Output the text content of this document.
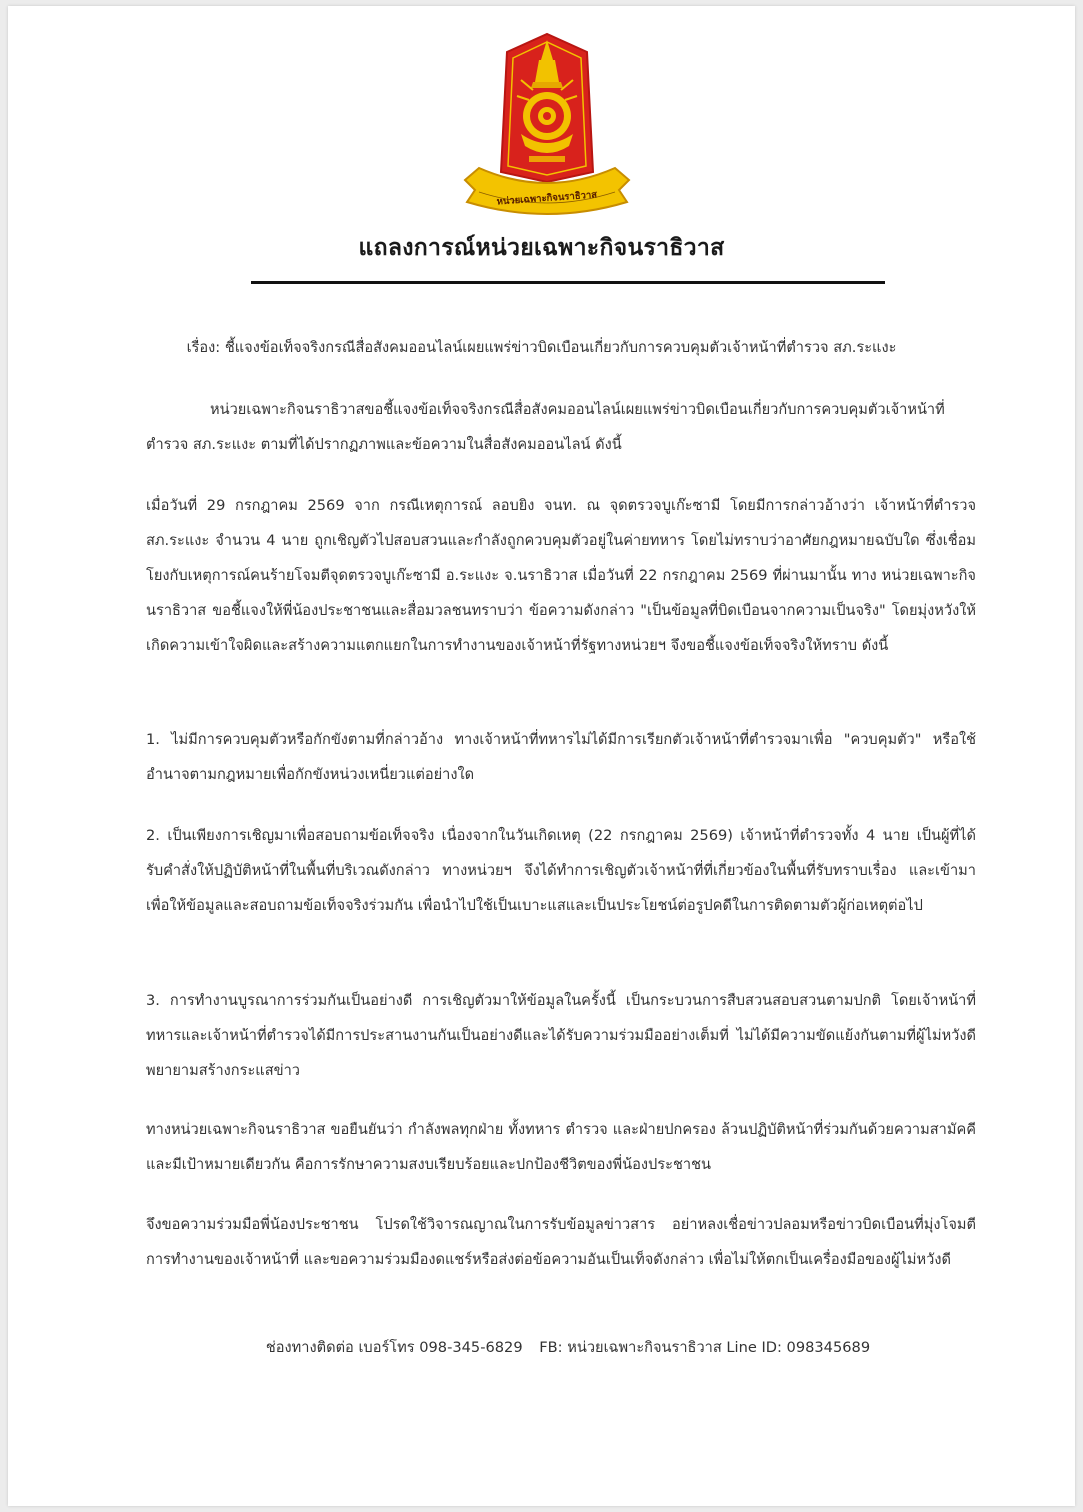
หน่วยเฉพาะกิจนราธิวาส
แถลงการณ์หน่วยเฉพาะกิจนราธิวาส
เรื่อง: ชี้แจงข้อเท็จจริงกรณีสื่อสังคมออนไลน์เผยแพร่ข่าวบิดเบือนเกี่ยวกับการควบคุมตัวเจ้าหน้าที่ตำรวจ สภ.ระแงะ

หน่วยเฉพาะกิจนราธิวาสขอชี้แจงข้อเท็จจริงกรณีสื่อสังคมออนไลน์เผยแพร่ข่าวบิดเบือนเกี่ยวกับการควบคุมตัวเจ้าหน้าที่ตำรวจ สภ.ระแงะ ตามที่ได้ปรากฏภาพและข้อความในสื่อสังคมออนไลน์ ดังนี้

เมื่อวันที่ 29 กรกฎาคม 2569 จาก กรณีเหตุการณ์ ลอบยิง จนท. ณ จุดตรวจบูเก๊ะซามี โดยมีการกล่าวอ้างว่า เจ้าหน้าที่ตำรวจ สภ.ระแงะ จำนวน 4 นาย ถูกเชิญตัวไปสอบสวนและกำลังถูกควบคุมตัวอยู่ในค่ายทหาร โดยไม่ทราบว่าอาศัยกฎหมายฉบับใด ซึ่งเชื่อมโยงกับเหตุการณ์คนร้ายโจมตีจุดตรวจบูเก๊ะซามี อ.ระแงะ จ.นราธิวาส เมื่อวันที่ 22 กรกฎาคม 2569 ที่ผ่านมานั้น ทาง หน่วยเฉพาะกิจนราธิวาส ขอชี้แจงให้พี่น้องประชาชนและสื่อมวลชนทราบว่า ข้อความดังกล่าว "เป็นข้อมูลที่บิดเบือนจากความเป็นจริง" โดยมุ่งหวังให้เกิดความเข้าใจผิดและสร้างความแตกแยกในการทำงานของเจ้าหน้าที่รัฐทางหน่วยฯ จึงขอชี้แจงข้อเท็จจริงให้ทราบ ดังนี้

1. ไม่มีการควบคุมตัวหรือกักขังตามที่กล่าวอ้าง ทางเจ้าหน้าที่ทหารไม่ได้มีการเรียกตัวเจ้าหน้าที่ตำรวจมาเพื่อ "ควบคุมตัว" หรือใช้อำนาจตามกฎหมายเพื่อกักขังหน่วงเหนี่ยวแต่อย่างใด

2. เป็นเพียงการเชิญมาเพื่อสอบถามข้อเท็จจริง เนื่องจากในวันเกิดเหตุ (22 กรกฎาคม 2569) เจ้าหน้าที่ตำรวจทั้ง 4 นาย เป็นผู้ที่ได้รับคำสั่งให้ปฏิบัติหน้าที่ในพื้นที่บริเวณดังกล่าว ทางหน่วยฯ จึงได้ทำการเชิญตัวเจ้าหน้าที่ที่เกี่ยวข้องในพื้นที่รับทราบเรื่อง และเข้ามาเพื่อให้ข้อมูลและสอบถามข้อเท็จจริงร่วมกัน เพื่อนำไปใช้เป็นเบาะแสและเป็นประโยชน์ต่อรูปคดีในการติดตามตัวผู้ก่อเหตุต่อไป

3. การทำงานบูรณาการร่วมกันเป็นอย่างดี การเชิญตัวมาให้ข้อมูลในครั้งนี้ เป็นกระบวนการสืบสวนสอบสวนตามปกติ โดยเจ้าหน้าที่ทหารและเจ้าหน้าที่ตำรวจได้มีการประสานงานกันเป็นอย่างดีและได้รับความร่วมมืออย่างเต็มที่ ไม่ได้มีความขัดแย้งกันตามที่ผู้ไม่หวังดีพยายามสร้างกระแสข่าว

ทางหน่วยเฉพาะกิจนราธิวาส ขอยืนยันว่า กำลังพลทุกฝ่าย ทั้งทหาร ตำรวจ และฝ่ายปกครอง ล้วนปฏิบัติหน้าที่ร่วมกันด้วยความสามัคคีและมีเป้าหมายเดียวกัน คือการรักษาความสงบเรียบร้อยและปกป้องชีวิตของพี่น้องประชาชน

จึงขอความร่วมมือพี่น้องประชาชน โปรดใช้วิจารณญาณในการรับข้อมูลข่าวสาร อย่าหลงเชื่อข่าวปลอมหรือข่าวบิดเบือนที่มุ่งโจมตีการทำงานของเจ้าหน้าที่ และขอความร่วมมืองดแชร์หรือส่งต่อข้อความอันเป็นเท็จดังกล่าว เพื่อไม่ให้ตกเป็นเครื่องมือของผู้ไม่หวังดี

ช่องทางติดต่อ เบอร์โทร 098-345-6829 FB: หน่วยเฉพาะกิจนราธิวาส Line ID: 098345689
